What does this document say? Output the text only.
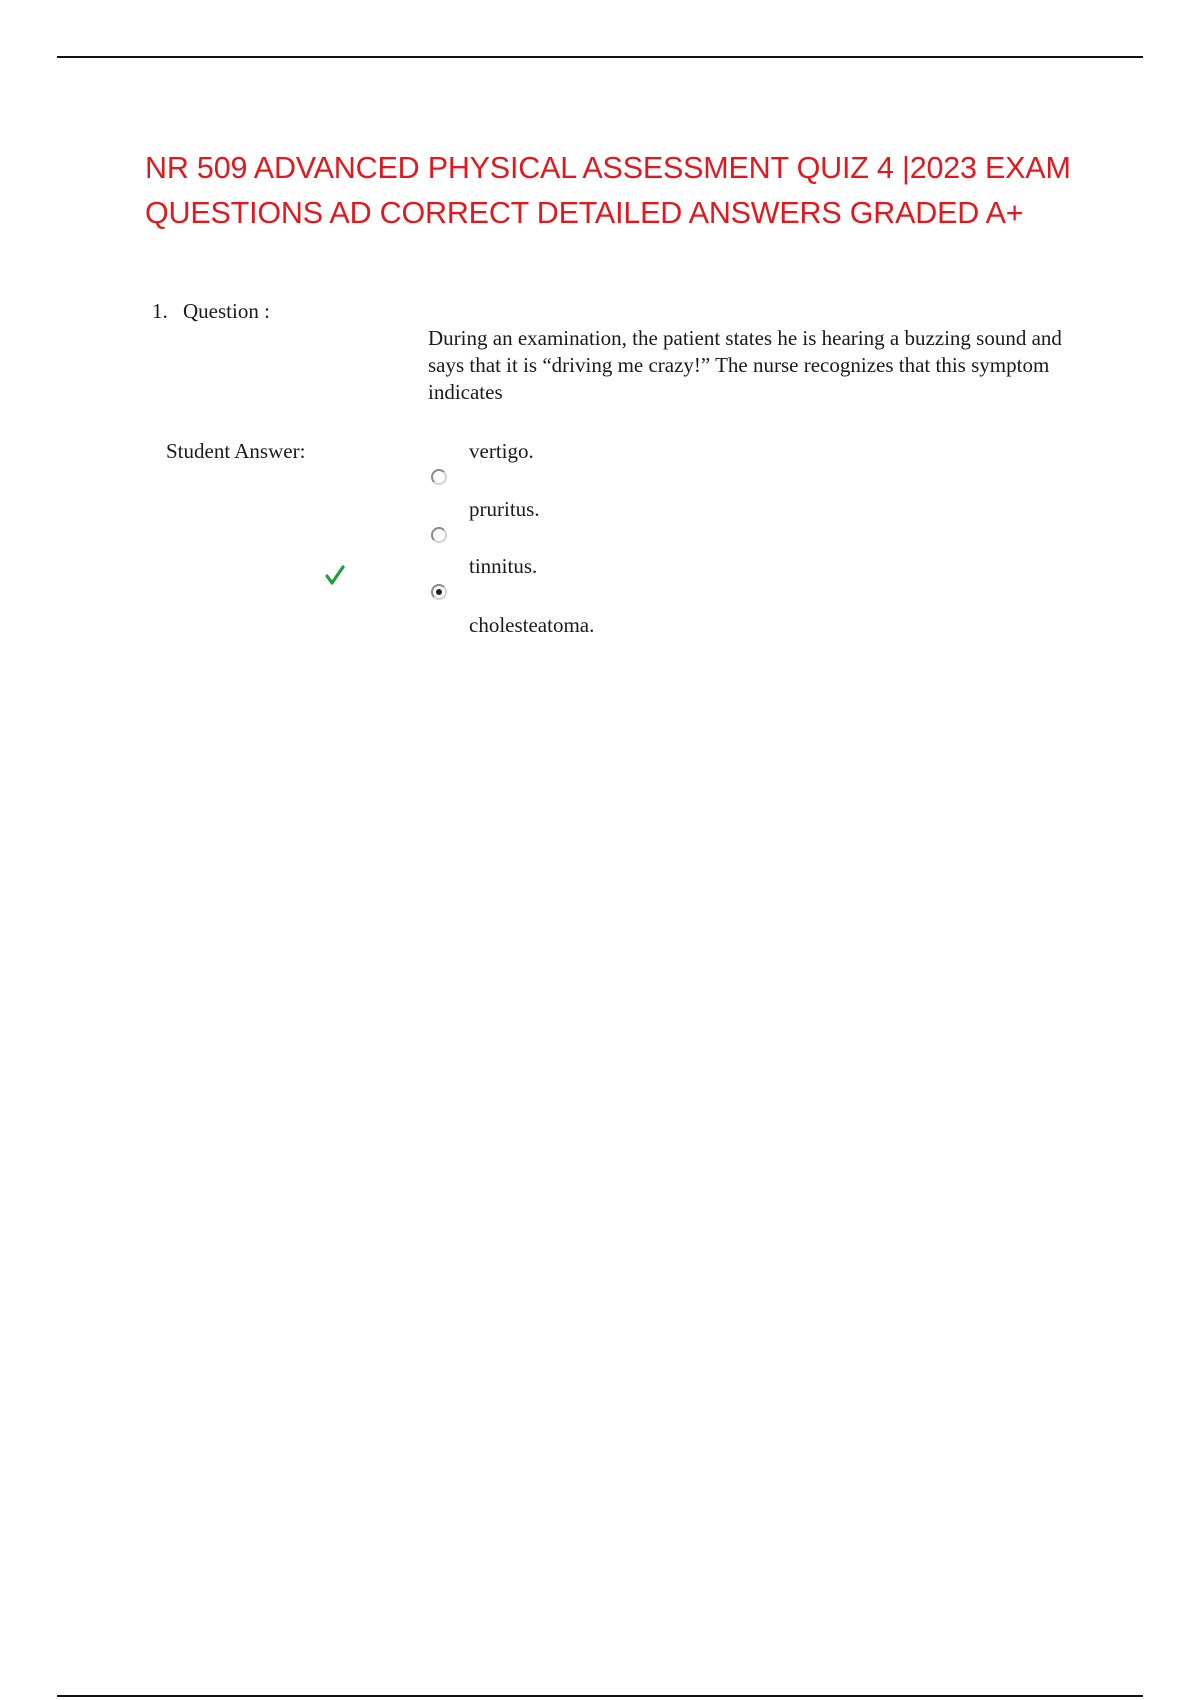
NR 509 ADVANCED PHYSICAL ASSESSMENT QUIZ 4 |2023 EXAM QUESTIONS AD CORRECT DETAILED ANSWERS GRADED A+
1. Question :
During an examination, the patient states he is hearing a buzzing sound and says that it is “driving me crazy!” The nurse recognizes that this symptom indicates
Student Answer:	vertigo.
pruritus.
tinnitus.
cholesteatoma.
